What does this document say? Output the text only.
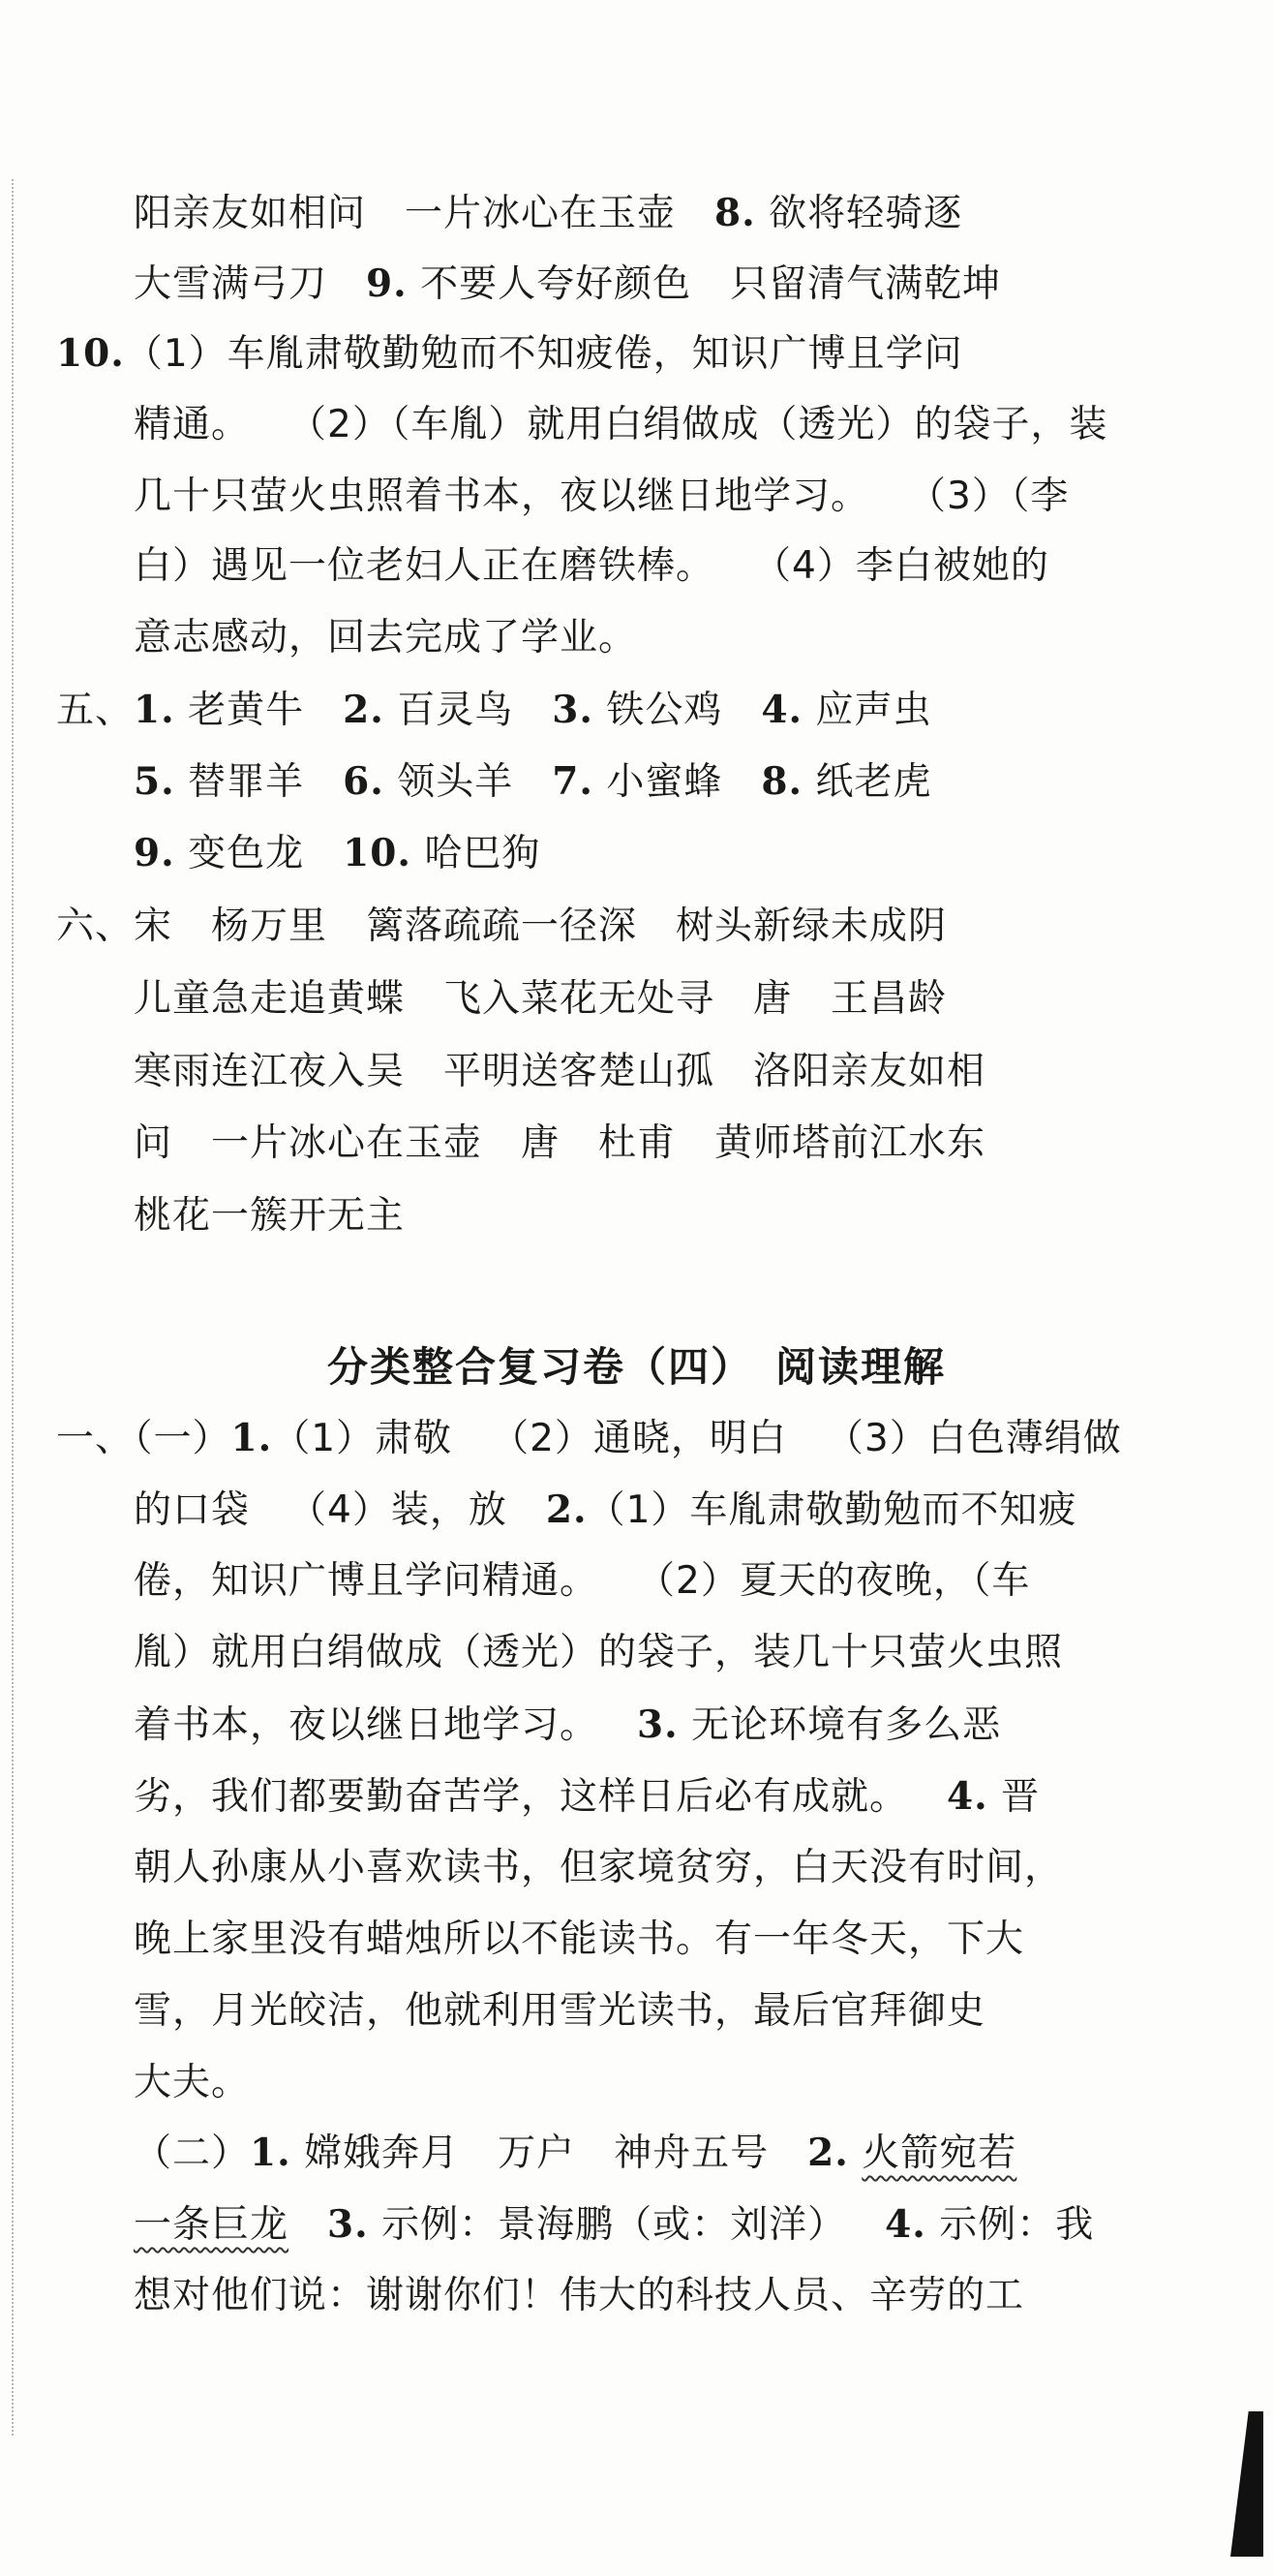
阳亲友如相问 一片冰心在玉壶 8. 欲将轻骑逐
大雪满弓刀 9. 不要人夸好颜色 只留清气满乾坤
10.（1）车胤肃敬勤勉而不知疲倦，知识广博且学问
精通。 （2）（车胤）就用白绢做成（透光）的袋子，装
几十只萤火虫照着书本，夜以继日地学习。 （3）（李
白）遇见一位老妇人正在磨铁棒。 （4）李白被她的
意志感动，回去完成了学业。
五、1. 老黄牛 2. 百灵鸟 3. 铁公鸡 4. 应声虫
5. 替罪羊 6. 领头羊 7. 小蜜蜂 8. 纸老虎
9. 变色龙 10. 哈巴狗
六、宋 杨万里 篱落疏疏一径深 树头新绿未成阴
儿童急走追黄蝶 飞入菜花无处寻 唐 王昌龄
寒雨连江夜入吴 平明送客楚山孤 洛阳亲友如相
问 一片冰心在玉壶 唐 杜甫 黄师塔前江水东
桃花一簇开无主
一、（一）1.（1）肃敬 （2）通晓，明白 （3）白色薄绢做
的口袋 （4）装，放 2.（1）车胤肃敬勤勉而不知疲
倦，知识广博且学问精通。 （2）夏天的夜晚，（车
胤）就用白绢做成（透光）的袋子，装几十只萤火虫照
着书本，夜以继日地学习。 3. 无论环境有多么恶
劣，我们都要勤奋苦学，这样日后必有成就。 4. 晋
朝人孙康从小喜欢读书，但家境贫穷，白天没有时间，
晚上家里没有蜡烛所以不能读书。有一年冬天，下大
雪，月光皎洁，他就利用雪光读书，最后官拜御史
大夫。
（二）1. 嫦娥奔月 万户 神舟五号 2. 火箭宛若
一条巨龙 3. 示例：景海鹏（或：刘洋） 4. 示例：我
想对他们说：谢谢你们！伟大的科技人员、辛劳的工
分类整合复习卷（四）　阅读理解
